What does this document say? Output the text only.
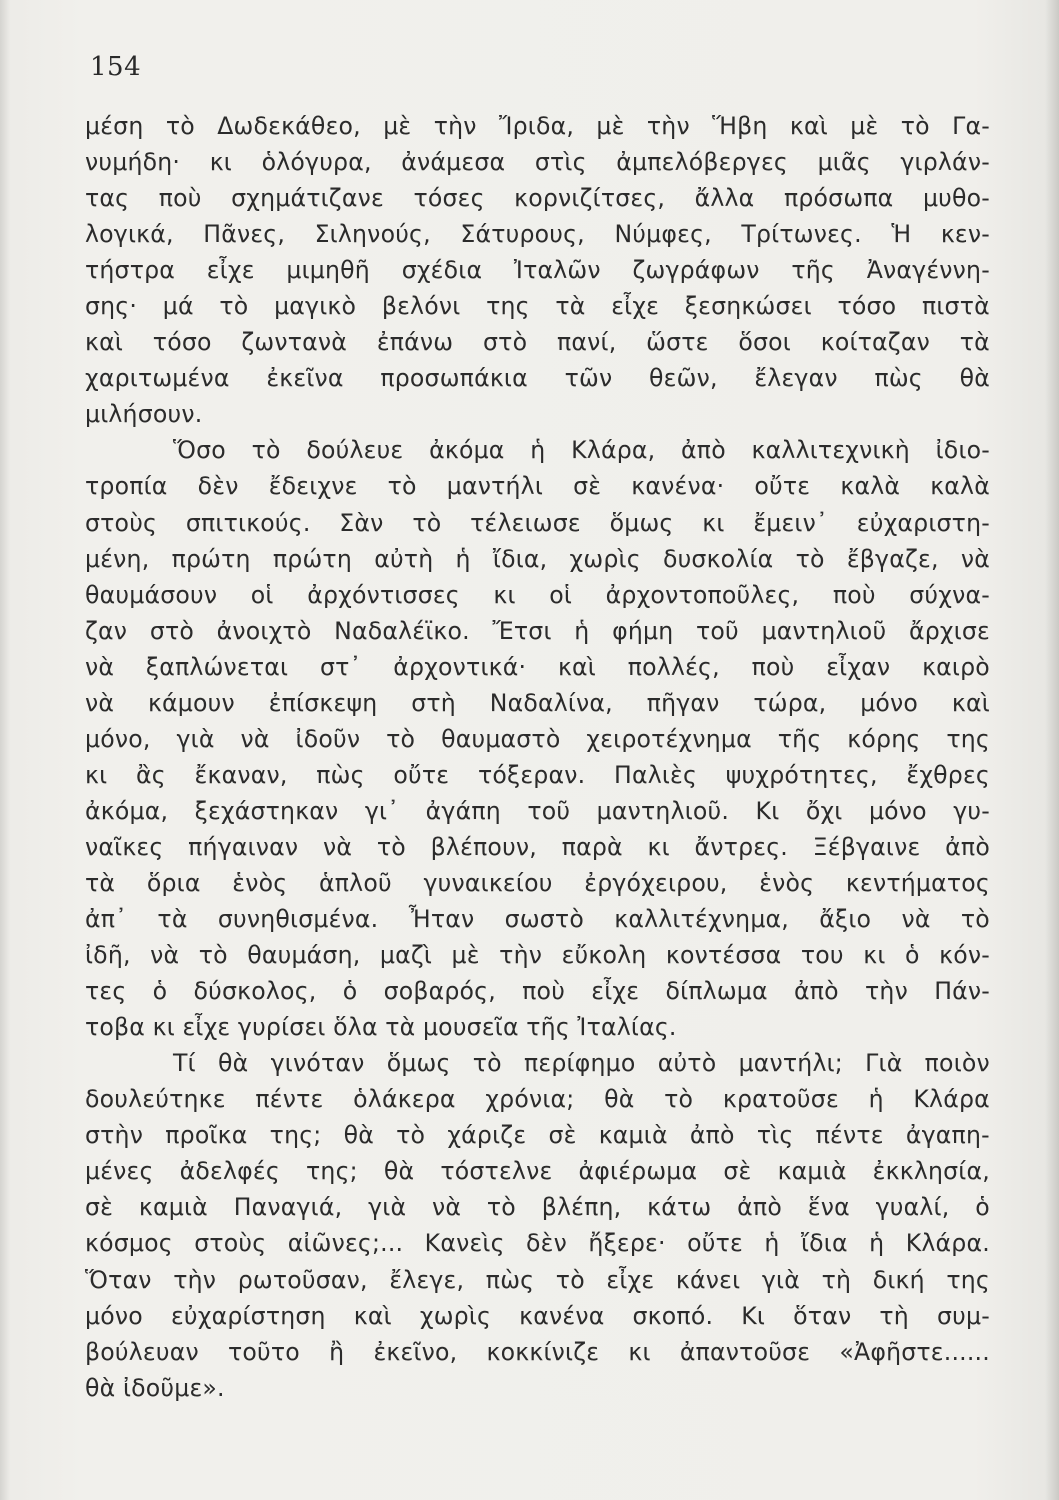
154
μέση τὸ Δωδεκάθεο, μὲ τὴν Ἴριδα, μὲ τὴν Ἥβη καὶ μὲ τὸ Γα-
νυμήδη· κι ὁλόγυρα, ἀνάμεσα στὶς ἀμπελόβεργες μιᾶς γιρλάν-
τας ποὺ σχημάτιζανε τόσες κορνιζίτσες, ἄλλα πρόσωπα μυθο-
λογικά, Πᾶνες, Σιληνούς, Σάτυρους, Νύμφες, Τρίτωνες. Ἡ κεν-
τήστρα εἶχε μιμηθῆ σχέδια Ἰταλῶν ζωγράφων τῆς Ἀναγέννη-
σης· μά τὸ μαγικὸ βελόνι της τὰ εἶχε ξεσηκώσει τόσο πιστὰ
καὶ τόσο ζωντανὰ ἐπάνω στὸ πανί, ὥστε ὅσοι κοίταζαν τὰ
χαριτωμένα ἐκεῖνα προσωπάκια τῶν θεῶν, ἔλεγαν πὼς θὰ
μιλήσουν.
Ὅσο τὸ δούλευε ἀκόμα ἡ Κλάρα, ἀπὸ καλλιτεχνικὴ ἰδιο-
τροπία δὲν ἔδειχνε τὸ μαντήλι σὲ κανένα· οὔτε καλὰ καλὰ
στοὺς σπιτικούς. Σὰν τὸ τέλειωσε ὅμως κι ἔμειν᾿ εὐχαριστη-
μένη, πρώτη πρώτη αὐτὴ ἡ ἴδια, χωρὶς δυσκολία τὸ ἔβγαζε, νὰ
θαυμάσουν οἱ ἀρχόντισσες κι οἱ ἀρχοντοποῦλες, ποὺ σύχνα-
ζαν στὸ ἀνοιχτὸ Ναδαλέϊκο. Ἔτσι ἡ φήμη τοῦ μαντηλιοῦ ἄρχισε
νὰ ξαπλώνεται στ᾿ ἀρχοντικά· καὶ πολλές, ποὺ εἶχαν καιρὸ
νὰ κάμουν ἐπίσκεψη στὴ Ναδαλίνα, πῆγαν τώρα, μόνο καὶ
μόνο, γιὰ νὰ ἰδοῦν τὸ θαυμαστὸ χειροτέχνημα τῆς κόρης της
κι ἂς ἔκαναν, πὼς οὔτε τόξεραν. Παλιὲς ψυχρότητες, ἔχθρες
ἀκόμα, ξεχάστηκαν γι᾿ ἀγάπη τοῦ μαντηλιοῦ. Κι ὄχι μόνο γυ-
ναῖκες πήγαιναν νὰ τὸ βλέπουν, παρὰ κι ἄντρες. Ξέβγαινε ἀπὸ
τὰ ὅρια ἑνὸς ἁπλοῦ γυναικείου ἐργόχειρου, ἑνὸς κεντήματος
ἀπ᾿ τὰ συνηθισμένα. Ἦταν σωστὸ καλλιτέχνημα, ἄξιο νὰ τὸ
ἰδῆ, νὰ τὸ θαυμάση, μαζὶ μὲ τὴν εὔκολη κοντέσσα του κι ὁ κόν-
τες ὁ δύσκολος, ὁ σοβαρός, ποὺ εἶχε δίπλωμα ἀπὸ τὴν Πάν-
τοβα κι εἶχε γυρίσει ὅλα τὰ μουσεῖα τῆς Ἰταλίας.
Τί θὰ γινόταν ὅμως τὸ περίφημο αὐτὸ μαντήλι; Γιὰ ποιὸν
δουλεύτηκε πέντε ὁλάκερα χρόνια; θὰ τὸ κρατοῦσε ἡ Κλάρα
στὴν προῖκα της; θὰ τὸ χάριζε σὲ καμιὰ ἀπὸ τὶς πέντε ἀγαπη-
μένες ἀδελφές της; θὰ τόστελνε ἀφιέρωμα σὲ καμιὰ ἐκκλησία,
σὲ καμιὰ Παναγιά, γιὰ νὰ τὸ βλέπη, κάτω ἀπὸ ἕνα γυαλί, ὁ
κόσμος στοὺς αἰῶνες;... Κανεὶς δὲν ἤξερε· οὔτε ἡ ἴδια ἡ Κλάρα.
Ὅταν τὴν ρωτοῦσαν, ἔλεγε, πὼς τὸ εἶχε κάνει γιὰ τὴ δική της
μόνο εὐχαρίστηση καὶ χωρὶς κανένα σκοπό. Κι ὅταν τὴ συμ-
βούλευαν τοῦτο ἢ ἐκεῖνο, κοκκίνιζε κι ἀπαντοῦσε «Ἀφῆστε......
θὰ ἰδοῦμε».
